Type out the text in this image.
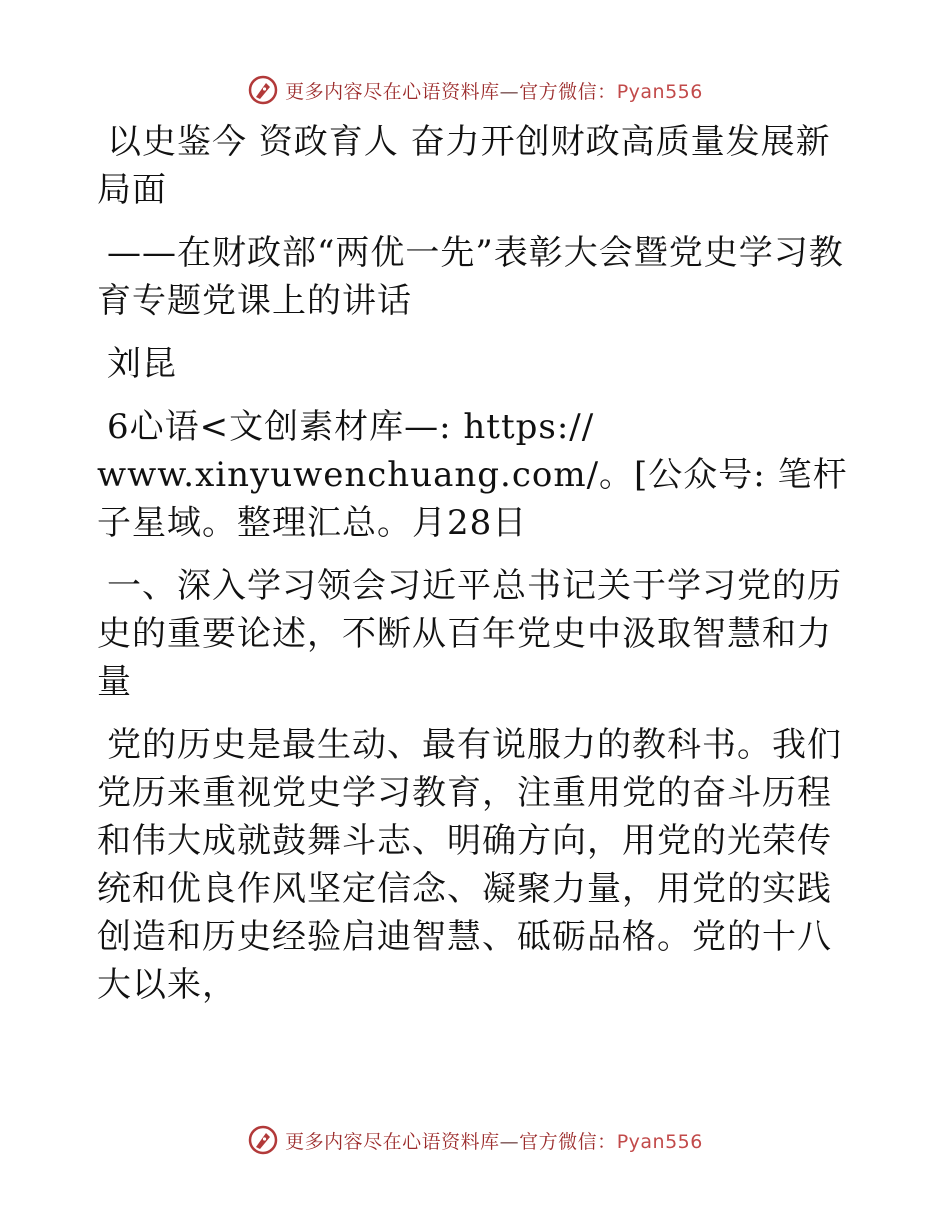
更多内容尽在心语资料库—官方微信：Pyan556

以史鉴今 资政育人 奋力开创财政高质量发展新局面

——在财政部“两优一先”表彰大会暨党史学习教育专题党课上的讲话

刘昆

6心语<文创素材库—: https://
www.xinyuwenchuang.com/。[公众号: 笔杆子星域。整理汇总。月28日

一、深入学习领会习近平总书记关于学习党的历史的重要论述，不断从百年党史中汲取智慧和力量

党的历史是最生动、最有说服力的教科书。我们党历来重视党史学习教育，注重用党的奋斗历程和伟大成就鼓舞斗志、明确方向，用党的光荣传统和优良作风坚定信念、凝聚力量，用党的实践创造和历史经验启迪智慧、砥砺品格。党的十八大以来，

更多内容尽在心语资料库—官方微信：Pyan556
